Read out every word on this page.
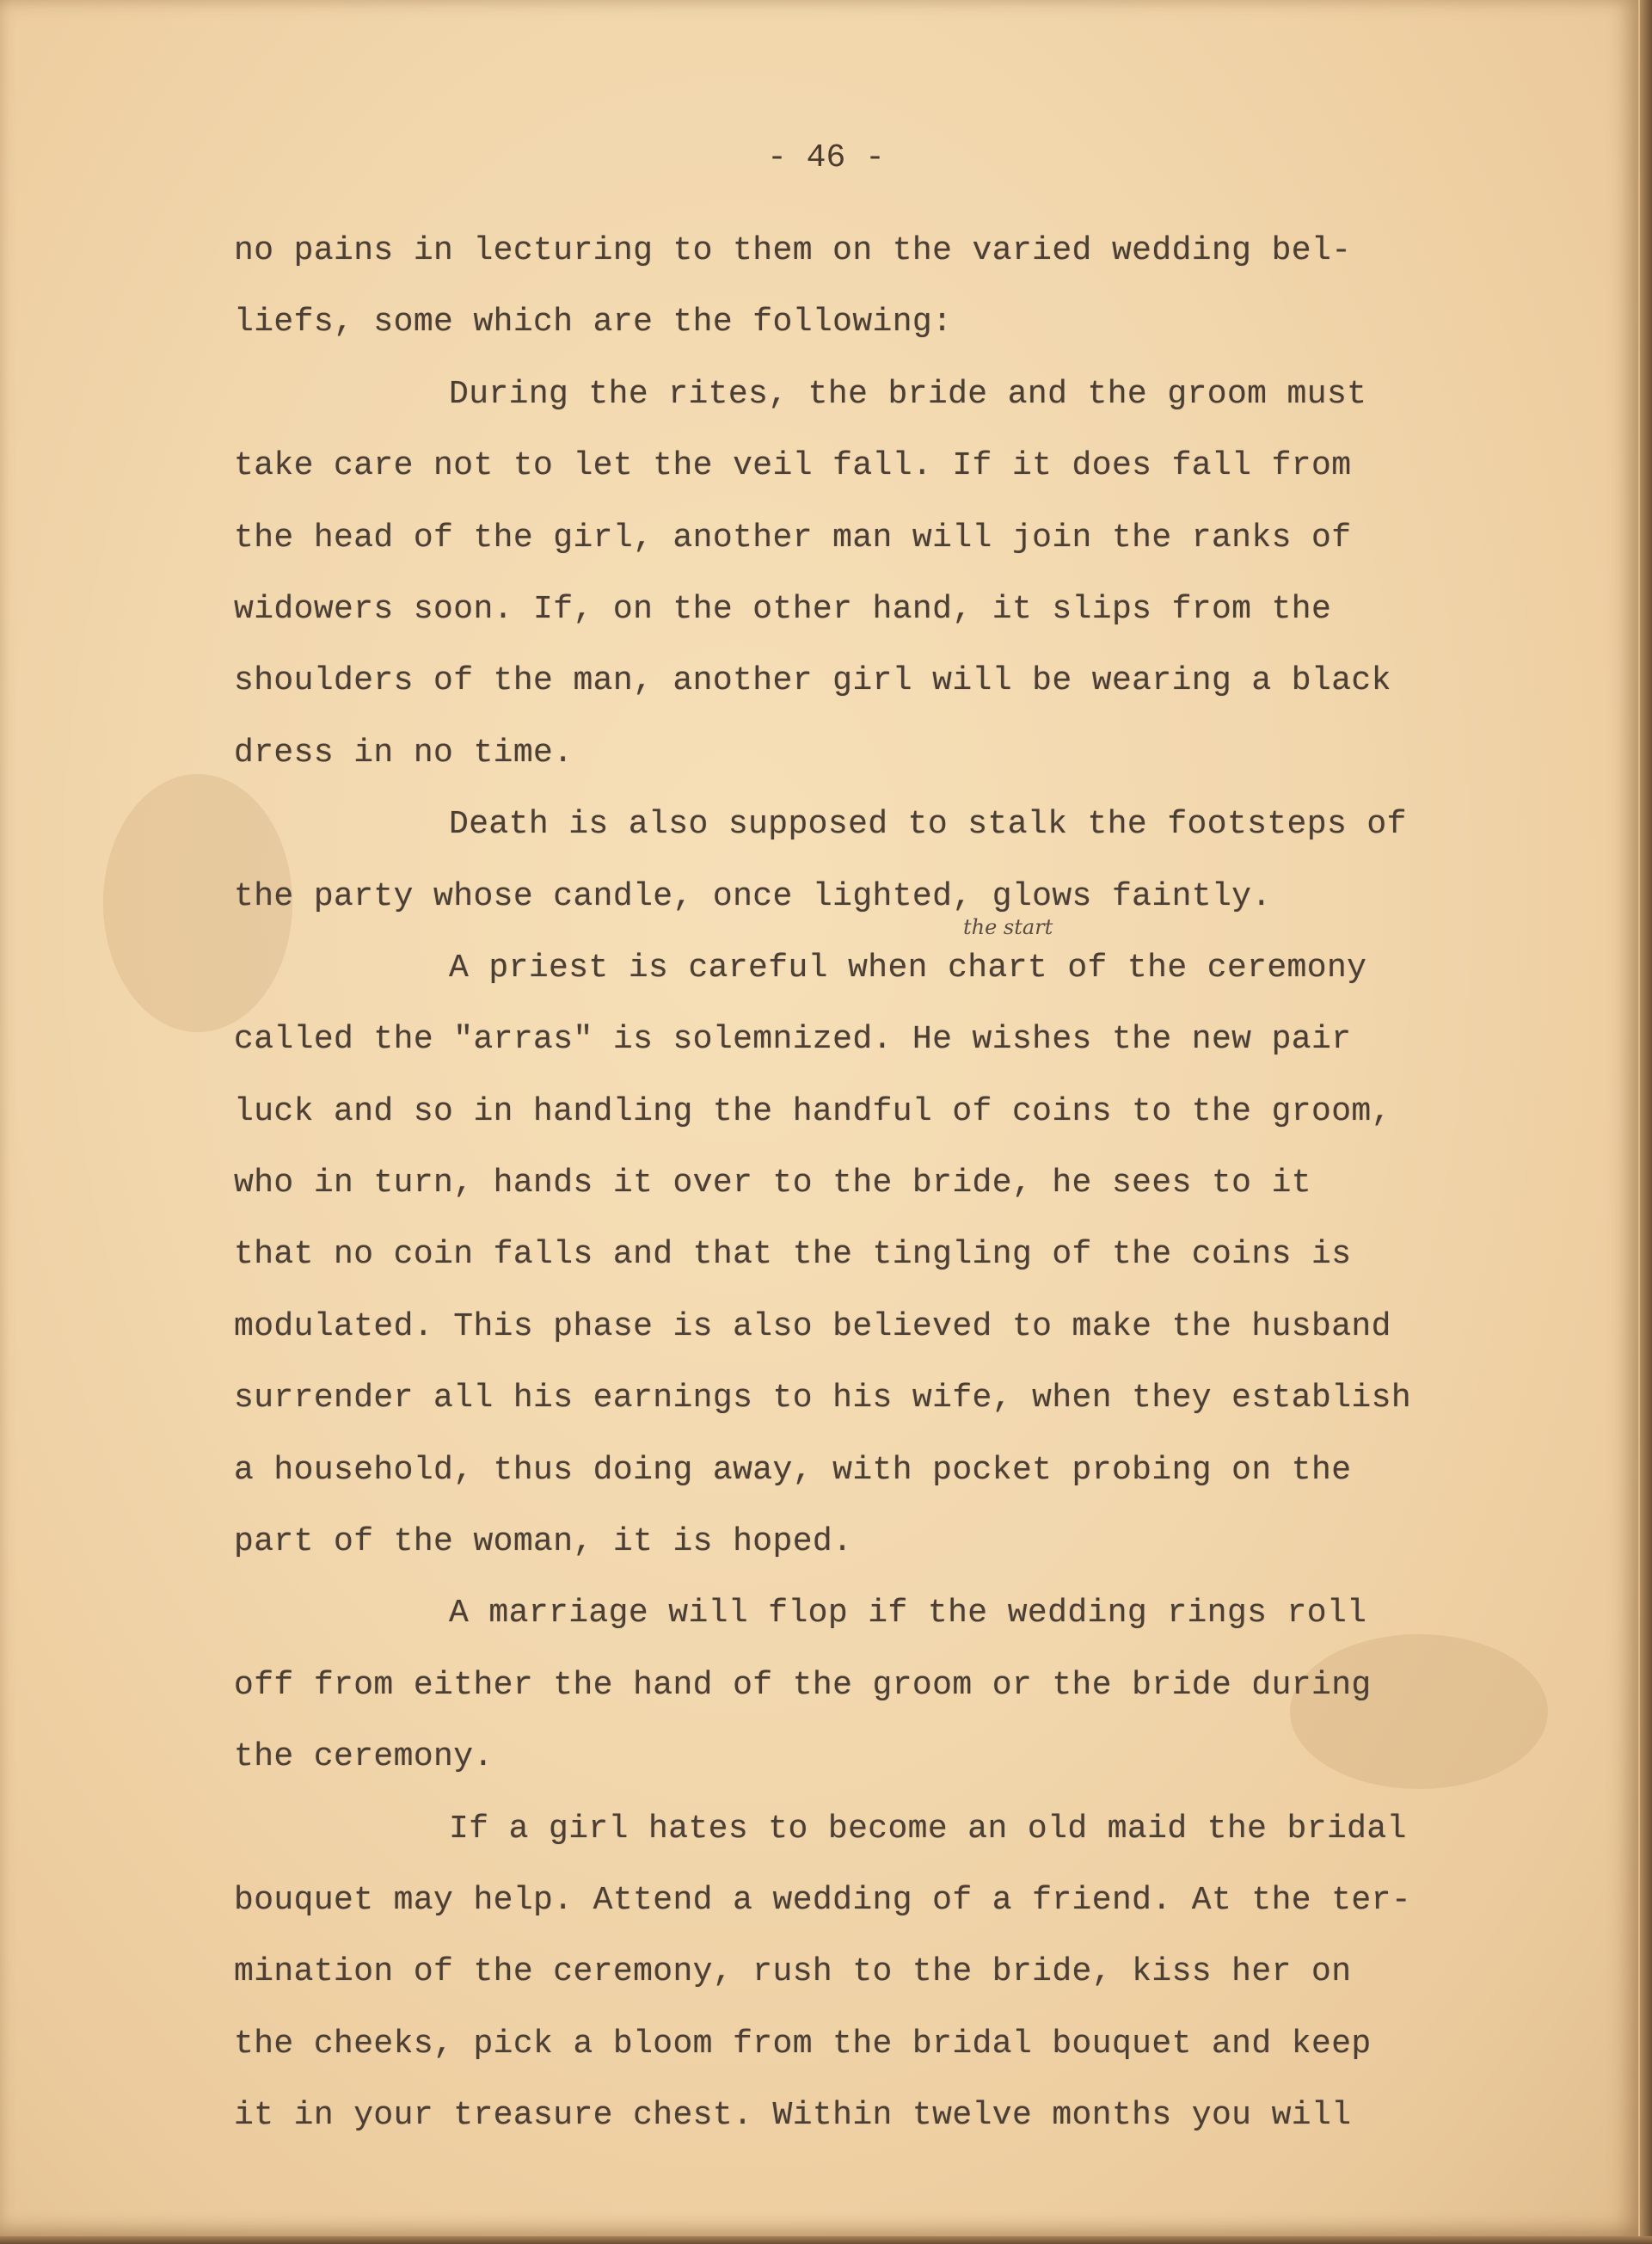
- 46 -
the start
no pains in lecturing to them on the varied wedding bel-
liefs, some which are the following:
During the rites, the bride and the groom must
take care not to let the veil fall. If it does fall from
the head of the girl, another man will join the ranks of
widowers soon. If, on the other hand, it slips from the
shoulders of the man, another girl will be wearing a black
dress in no time.
Death is also supposed to stalk the footsteps of
the party whose candle, once lighted, glows faintly.
A priest is careful when chart of the ceremony
called the "arras" is solemnized. He wishes the new pair
luck and so in handling the handful of coins to the groom,
who in turn, hands it over to the bride, he sees to it
that no coin falls and that the tingling of the coins is
modulated. This phase is also believed to make the husband
surrender all his earnings to his wife, when they establish
a household, thus doing away, with pocket probing on the
part of the woman, it is hoped.
A marriage will flop if the wedding rings roll
off from either the hand of the groom or the bride during
the ceremony.
If a girl hates to become an old maid the bridal
bouquet may help. Attend a wedding of a friend. At the ter-
mination of the ceremony, rush to the bride, kiss her on
the cheeks, pick a bloom from the bridal bouquet and keep
it in your treasure chest. Within twelve months you will
